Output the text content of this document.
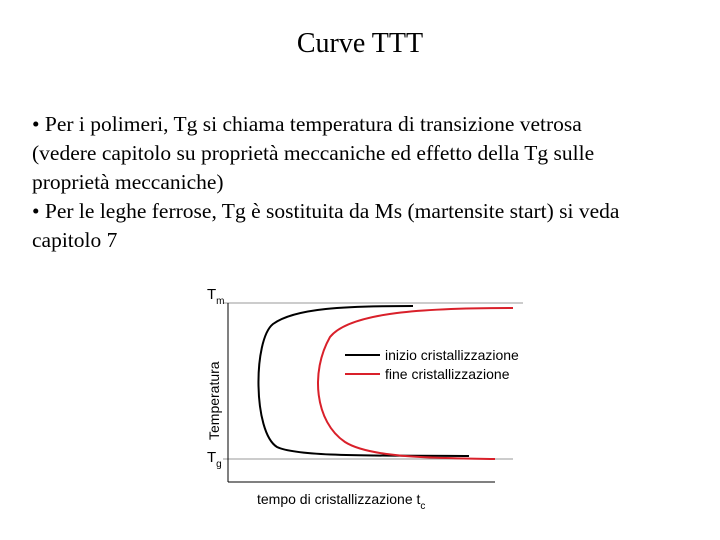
Curve TTT
• Per i polimeri, Tg si chiama temperatura di transizione vetrosa
(vedere capitolo su proprietà meccaniche ed effetto della Tg sulle
proprietà meccaniche)
• Per le leghe ferrose, Tg è sostituita da Ms (martensite start) si veda
capitolo 7
inizio cristallizzazione
fine cristallizzazione
$T_m$
$T_g$
Temperatura
tempo di cristallizzazione $t_c$
